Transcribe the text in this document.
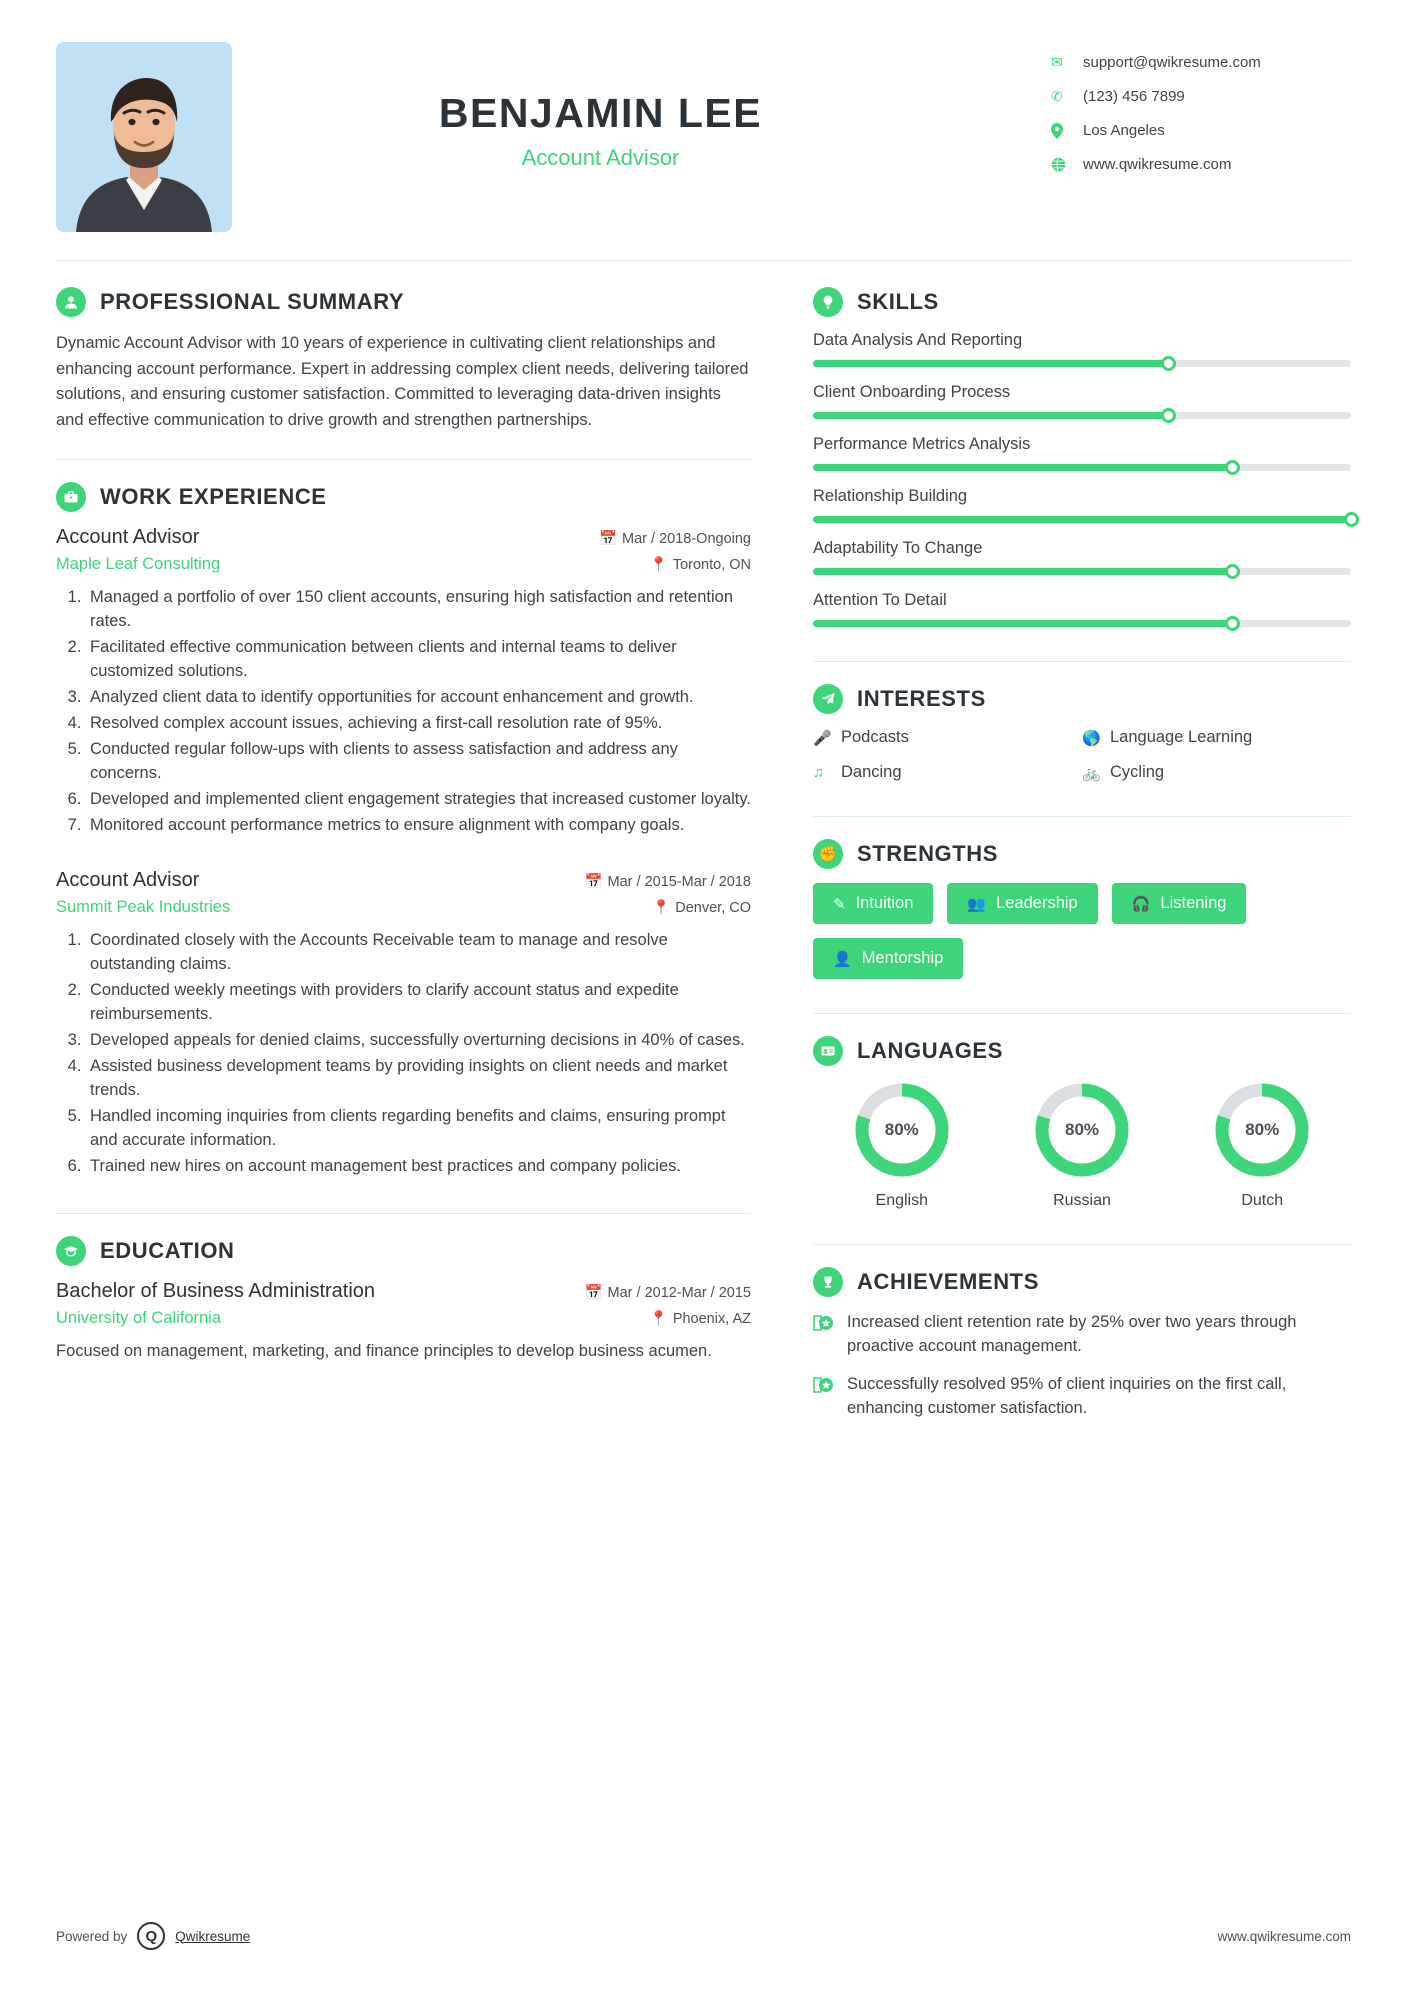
BENJAMIN LEE
Account Advisor
✉	support@qwikresume.com
✆	(123) 456 7899
Los Angeles
www.qwikresume.com
PROFESSIONAL SUMMARY
Dynamic Account Advisor with 10 years of experience in cultivating client relationships and enhancing account performance. Expert in addressing complex client needs, delivering tailored solutions, and ensuring customer satisfaction. Committed to leveraging data-driven insights and effective communication to drive growth and strengthen partnerships.
WORK EXPERIENCE
Account Advisor	📅 Mar / 2018-Ongoing
Maple Leaf Consulting	📍 Toronto, ON
1. Managed a portfolio of over 150 client accounts, ensuring high satisfaction and retention rates.
2. Facilitated effective communication between clients and internal teams to deliver customized solutions.
3. Analyzed client data to identify opportunities for account enhancement and growth.
4. Resolved complex account issues, achieving a first-call resolution rate of 95%.
5. Conducted regular follow-ups with clients to assess satisfaction and address any concerns.
6. Developed and implemented client engagement strategies that increased customer loyalty.
7. Monitored account performance metrics to ensure alignment with company goals.
Account Advisor	📅 Mar / 2015-Mar / 2018
Summit Peak Industries	📍 Denver, CO
1. Coordinated closely with the Accounts Receivable team to manage and resolve outstanding claims.
2. Conducted weekly meetings with providers to clarify account status and expedite reimbursements.
3. Developed appeals for denied claims, successfully overturning decisions in 40% of cases.
4. Assisted business development teams by providing insights on client needs and market trends.
5. Handled incoming inquiries from clients regarding benefits and claims, ensuring prompt and accurate information.
6. Trained new hires on account management best practices and company policies.
EDUCATION
Bachelor of Business Administration	📅 Mar / 2012-Mar / 2015
University of California	📍 Phoenix, AZ
Focused on management, marketing, and finance principles to develop business acumen.
SKILLS
Data Analysis And Reporting
Client Onboarding Process
Performance Metrics Analysis
Relationship Building
Adaptability To Change
Attention To Detail
INTERESTS
🎤 Podcasts	🌎 Language Learning
♫	Dancing	🚲 Cycling
✊ STRENGTHS
✎ Intuition	👥 Leadership	🎧 Listening
👤 Mentorship
LANGUAGES
80%
English
80%
Russian
80%
Dutch
ACHIEVEMENTS
Increased client retention rate by 25% over two years through proactive account management.
Successfully resolved 95% of client inquiries on the first call, enhancing customer satisfaction.
Powered by	Q	Qwikresume	www.qwikresume.com
